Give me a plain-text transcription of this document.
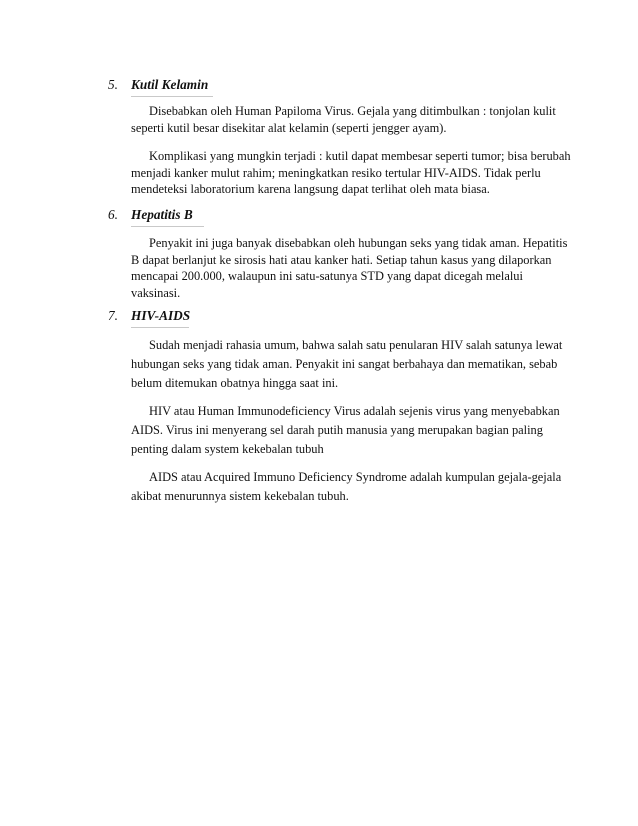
5. Kutil Kelamin

Disebabkan oleh Human Papiloma Virus. Gejala yang ditimbulkan : tonjolan kulit seperti kutil besar disekitar alat kelamin (seperti jengger ayam).

Komplikasi yang mungkin terjadi : kutil dapat membesar seperti tumor; bisa berubah menjadi kanker mulut rahim; meningkatkan resiko tertular HIV-AIDS. Tidak perlu mendeteksi laboratorium karena langsung dapat terlihat oleh mata biasa.

6. Hepatitis B

Penyakit ini juga banyak disebabkan oleh hubungan seks yang tidak aman. Hepatitis B dapat berlanjut ke sirosis hati atau kanker hati. Setiap tahun kasus yang dilaporkan mencapai 200.000, walaupun ini satu-satunya STD yang dapat dicegah melalui vaksinasi.

7. HIV-AIDS

Sudah menjadi rahasia umum, bahwa salah satu penularan HIV salah satunya lewat hubungan seks yang tidak aman. Penyakit ini sangat berbahaya dan mematikan, sebab belum ditemukan obatnya hingga saat ini.

HIV atau Human Immunodeficiency Virus adalah sejenis virus yang menyebabkan AIDS. Virus ini menyerang sel darah putih manusia yang merupakan bagian paling penting dalam system kekebalan tubuh

AIDS atau Acquired Immuno Deficiency Syndrome adalah kumpulan gejala-gejala akibat menurunnya sistem kekebalan tubuh.
